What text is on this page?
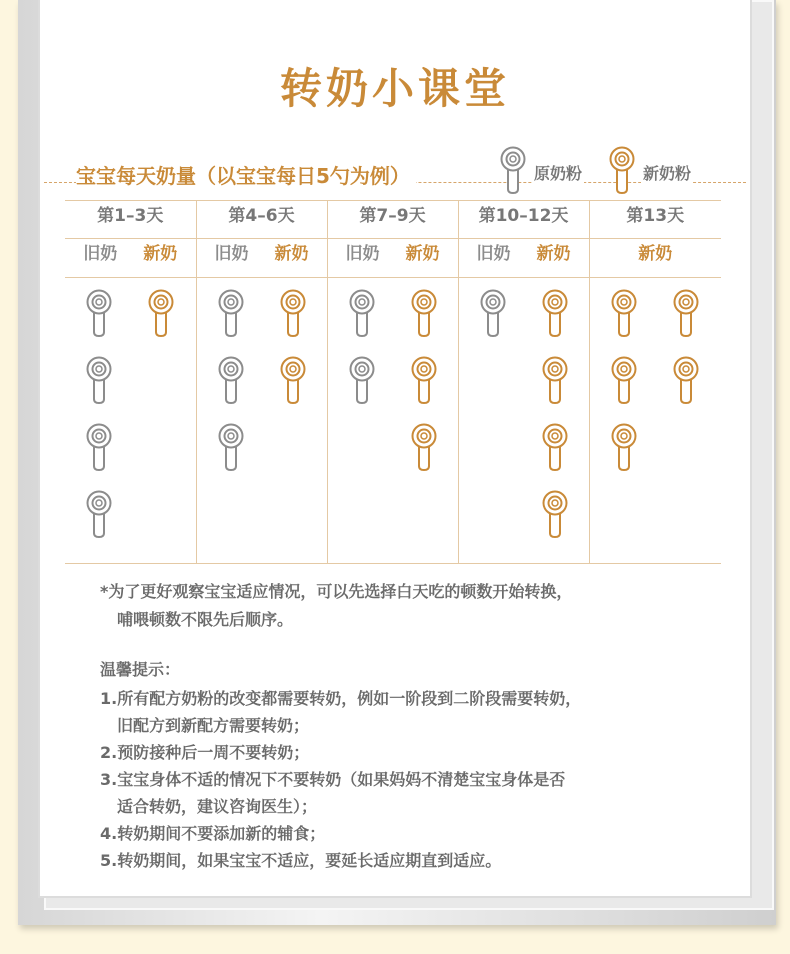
转奶小课堂
宝宝每天奶量（以宝宝每日5勺为例）	原奶粉	新奶粉
第1–3天	第4–6天	第7–9天	第10–12天	第13天
旧奶 新奶	旧奶 新奶	旧奶 新奶	旧奶 新奶	新奶

*为了更好观察宝宝适应情况，可以先选择白天吃的顿数开始转换，

哺喂顿数不限先后顺序。

温馨提示：

1.所有配方奶粉的改变都需要转奶，例如一阶段到二阶段需要转奶，

旧配方到新配方需要转奶；

2.预防接种后一周不要转奶；

3.宝宝身体不适的情况下不要转奶（如果妈妈不清楚宝宝身体是否

适合转奶，建议咨询医生）；

4.转奶期间不要添加新的辅食；

5.转奶期间，如果宝宝不适应，要延长适应期直到适应。
